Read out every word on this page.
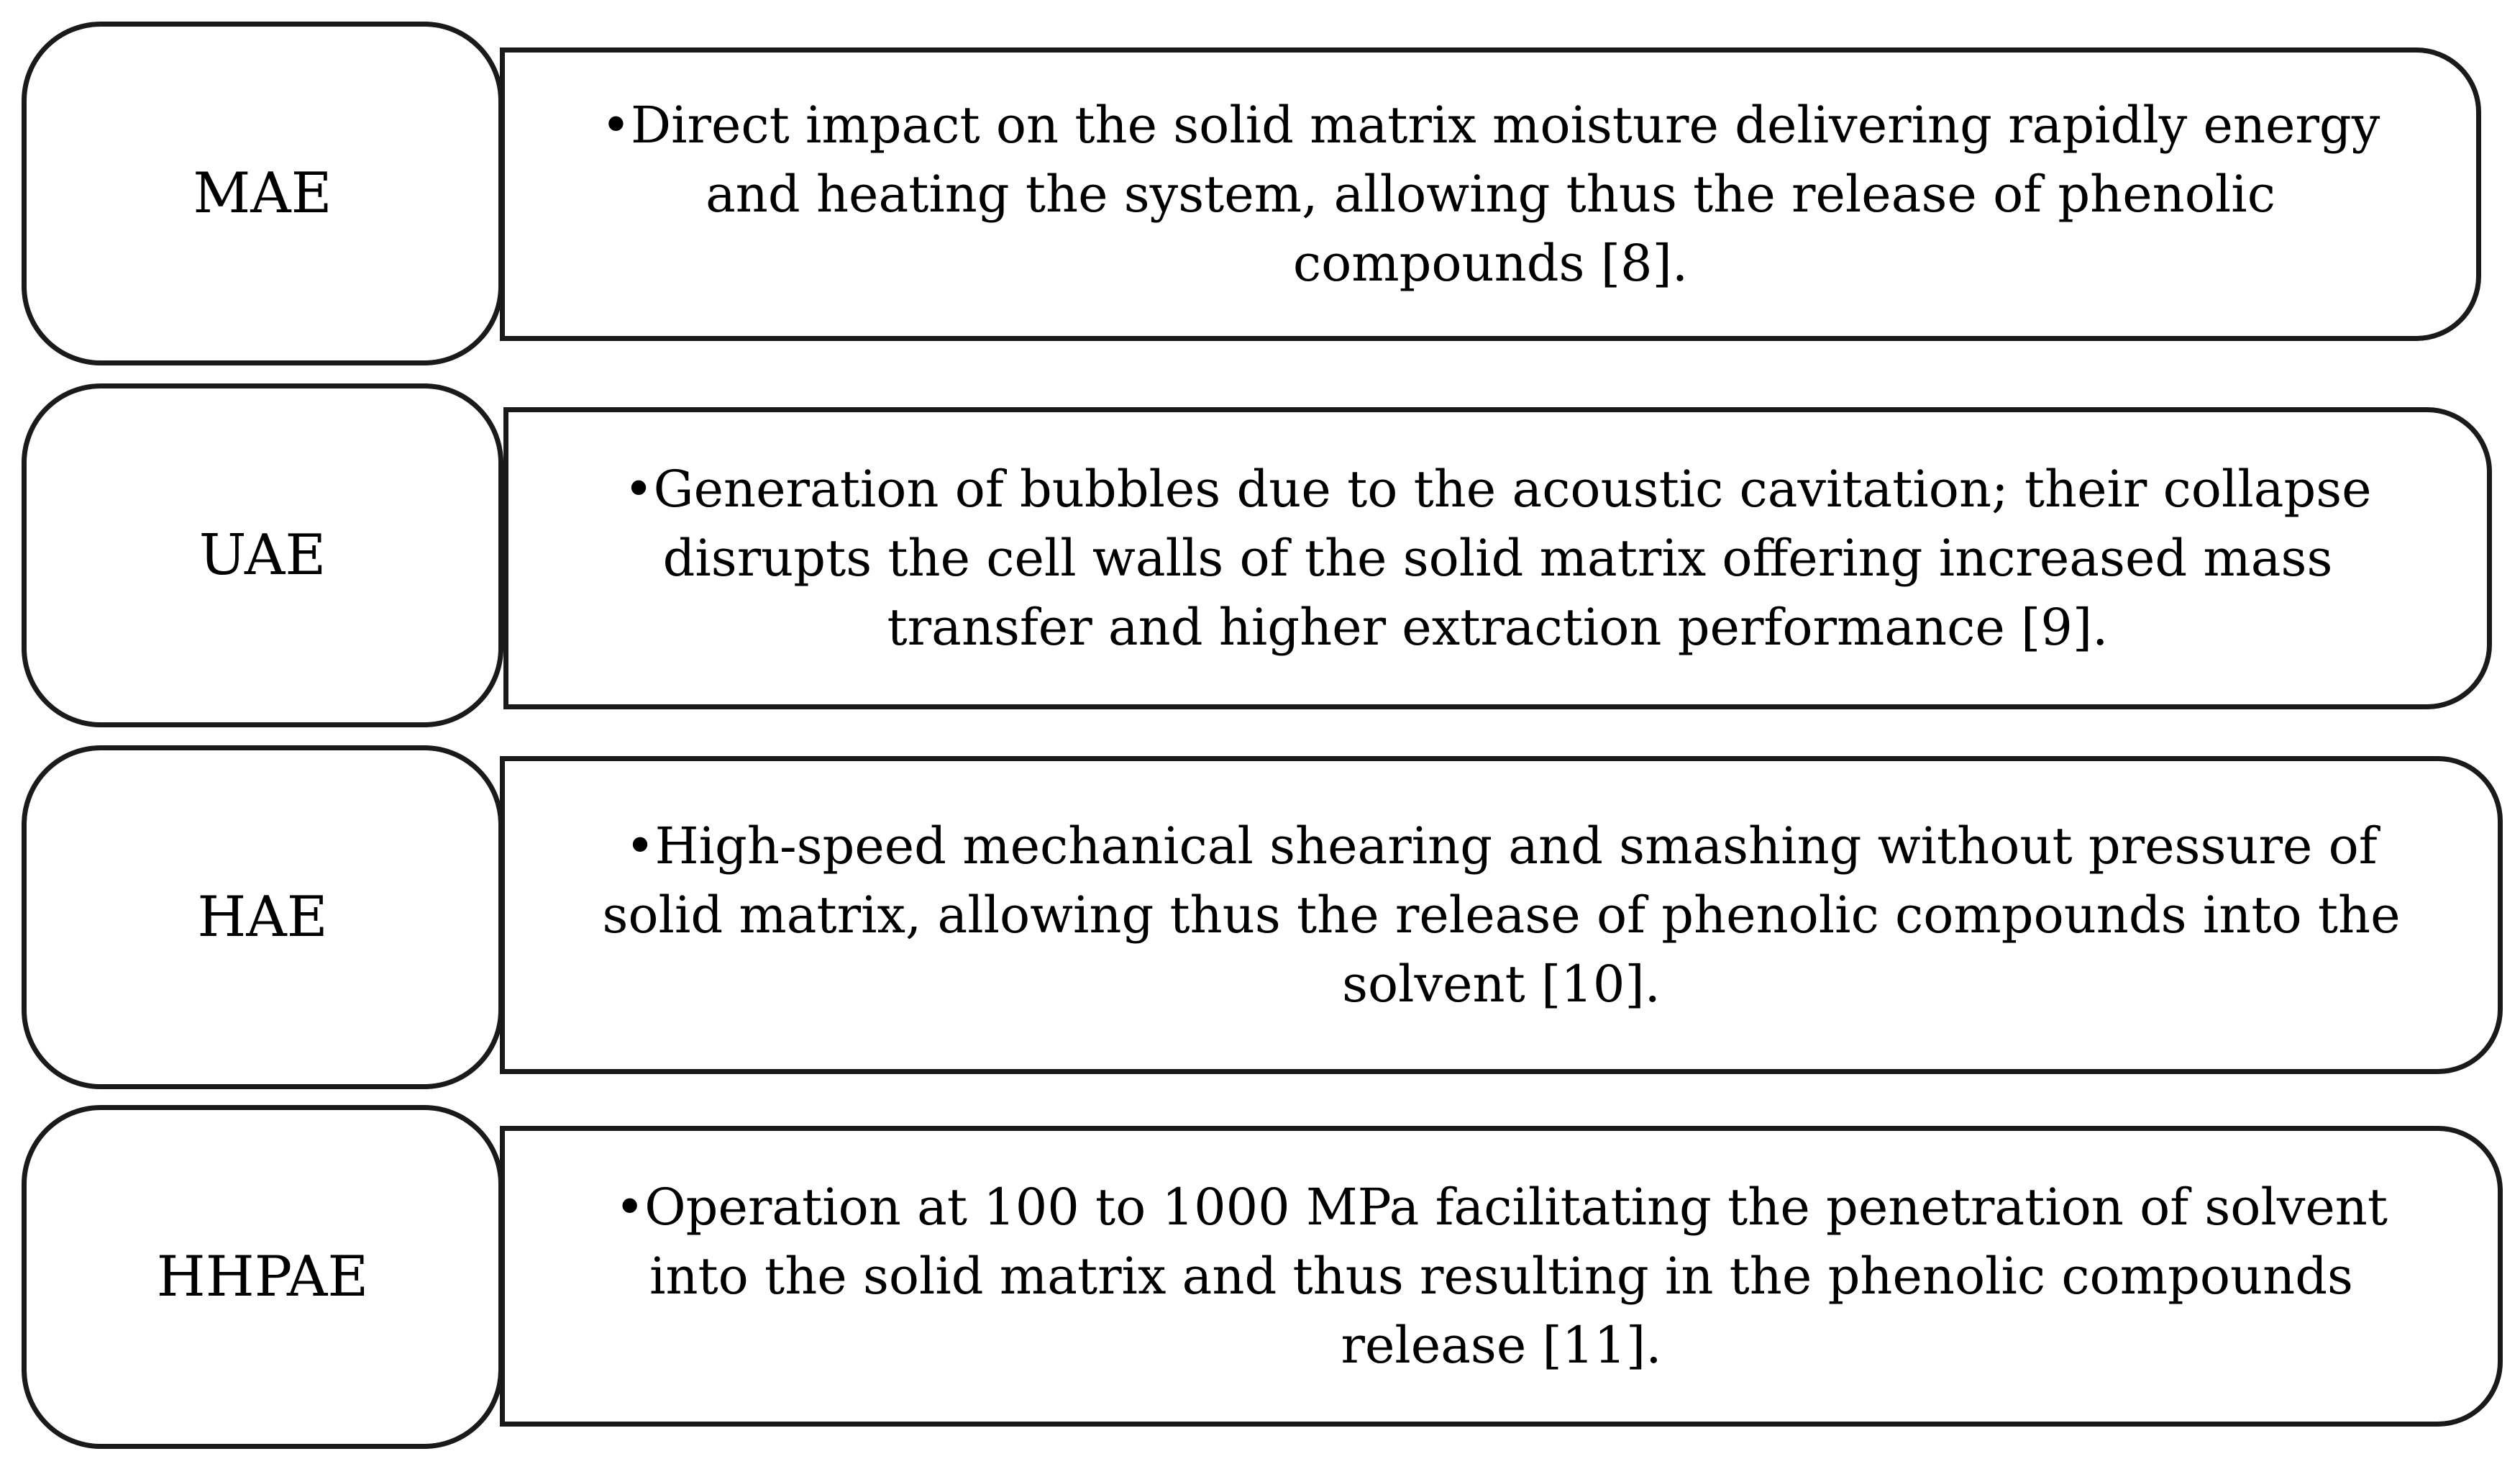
MAE
•Direct impact on the solid matrix moisture delivering rapidly energy and heating the system, allowing thus the release of phenolic compounds [8].
UAE
•Generation of bubbles due to the acoustic cavitation; their collapse disrupts the cell walls of the solid matrix offering increased mass transfer and higher extraction performance [9].
HAE
•High-speed mechanical shearing and smashing without pressure of solid matrix, allowing thus the release of phenolic compounds into the solvent [10].
HHPAE
•Operation at 100 to 1000 MPa facilitating the penetration of solvent into the solid matrix and thus resulting in the phenolic compounds release [11].
